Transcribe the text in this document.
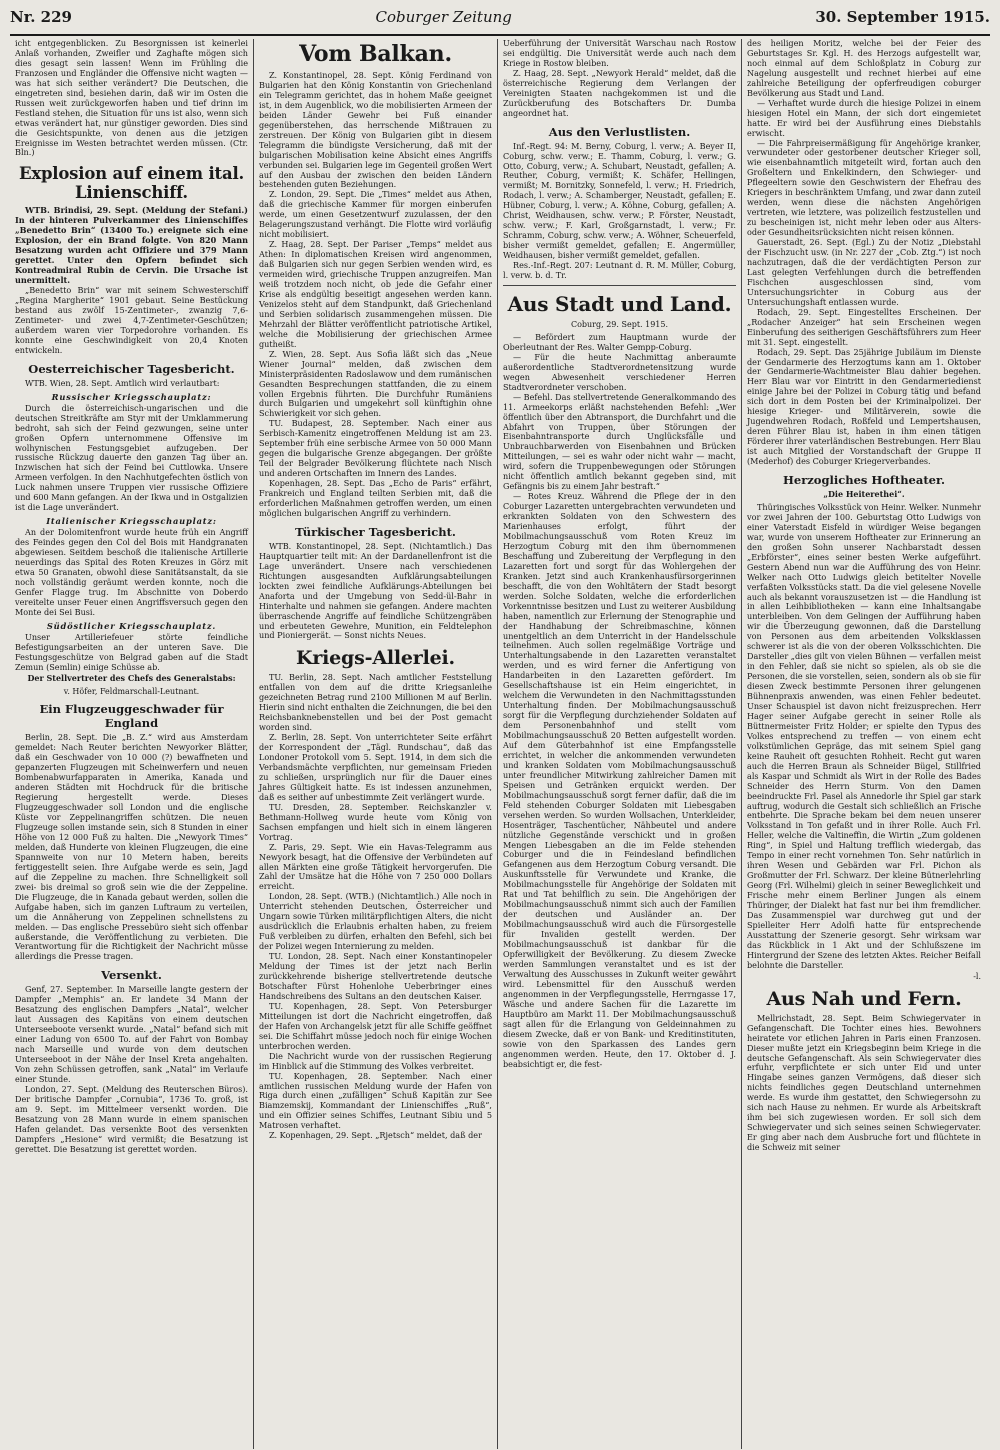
Nr. 229	Coburger Zeitung	30. September 1915.

icht entgegenblicken. Zu Besorgnissen ist keinerlei Anlaß vorhanden, Zweifler und Zaghafte mögen sich dies gesagt sein lassen! Wenn im Frühling die Franzosen und Engländer die Offensive nicht wagten — was hat sich seither verändert? Die Deutschen, die eingetreten sind, besiehen darin, daß wir im Osten die Russen weit zurückgeworfen haben und tief drinn im Festland stehen, die Situation für uns ist also, wenn sich etwas verändert hat, nur günstiger geworden. Dies sind die Gesichtspunkte, von denen aus die jetzigen Ereignisse im Westen betrachtet werden müssen. (Ctr. Bln.)

Explosion auf einem ital. Linienschiff.

WTB. Brindisi, 29. Sept. (Meldung der Stefani.) In der hinteren Pulverkammer des Linienschiffes „Benedetto Brin“ (13400 To.) ereignete sich eine Explosion, der ein Brand folgte. Von 820 Mann Besatzung wurden acht Offiziere und 379 Mann gerettet. Unter den Opfern befindet sich Kontreadmiral Rubin de Cervin. Die Ursache ist unermittelt.

„Benedetto Brin“ war mit seinem Schwesterschiff „Regina Margherite“ 1901 gebaut. Seine Bestückung bestand aus zwölf 15-Zentimeter-, zwanzig 7,6-Zentimeter- und zwei 4,7-Zentimeter-Geschützen; außerdem waren vier Torpedorohre vorhanden. Es konnte eine Geschwindigkeit von 20,4 Knoten entwickeln.

Oesterreichischer Tagesbericht.

WTB. Wien, 28. Sept. Amtlich wird verlautbart:

Russischer Kriegsschauplatz:

Durch die österreichisch-ungarischen und die deutschen Streitkräfte am Styr mit der Umklammerung bedroht, sah sich der Feind gezwungen, seine unter großen Opfern unternommene Offensive im wolhynischen Festungsgebiet aufzugeben. Der russische Rückzug dauerte den ganzen Tag über an. Inzwischen hat sich der Feind bei Cuttlowka. Unsere Armeen verfolgen. In den Nachhutgefechten östlich von Luck nahmen unsere Truppen vier russische Offiziere und 600 Mann gefangen. An der Ikwa und in Ostgalizien ist die Lage unverändert.

Italienischer Kriegsschauplatz:

An der Dolomitenfront wurde heute früh ein Angriff des Feindes gegen den Col del Bois mit Handgranaten abgewiesen. Seitdem beschoß die italienische Artillerie neuerdings das Spital des Roten Kreuzes in Görz mit etwa 50 Granaten, obwohl diese Sanitätsanstalt, da sie noch vollständig geräumt werden konnte, noch die Genfer Flagge trug. Im Abschnitte von Doberdo vereitelte unser Feuer einen Angriffsversuch gegen den Monte dei Sei Busi.

Südöstlicher Kriegsschauplatz.

Unser Artilleriefeuer störte feindliche Befestigungsarbeiten an der unteren Save. Die Festungsgeschütze von Belgrad gaben auf die Stadt Zemun (Semlin) einige Schüsse ab.

Der Stellvertreter des Chefs des Generalstabs:
v. Höfer, Feldmarschall-Leutnant.
Ein Flugzeuggeschwader für England

Berlin, 28. Sept. Die „B. Z.“ wird aus Amsterdam gemeldet: Nach Reuter berichten Newyorker Blätter, daß ein Geschwader von 10 000 (?) bewaffneten und gepanzerten Flugzeugen mit Scheinwerfern und neuen Bombenabwurfapparaten in Amerika, Kanada und anderen Städten mit Hochdruck für die britische Regierung hergestellt werde. Dieses Flugzeuggeschwader soll London und die englische Küste vor Zeppelinangriffen schützen. Die neuen Flugzeuge sollen imstande sein, sich 8 Stunden in einer Höhe von 12 000 Fuß zu halten. Die „Newyork Times“ melden, daß Hunderte von kleinen Flugzeugen, die eine Spannweite von nur 10 Metern haben, bereits fertiggestellt seien. Ihre Aufgabe werde es sein, Jagd auf die Zeppeline zu machen. Ihre Schnelligkeit soll zwei- bis dreimal so groß sein wie die der Zeppeline. Die Flugzeuge, die in Kanada gebaut werden, sollen die Aufgabe haben, sich im ganzen Luftraum zu verteilen, um die Annäherung von Zeppelinen schnellstens zu melden. — Das englische Pressebüro sieht sich offenbar außerstande, die Veröffentlichung zu verbieten. Die Verantwortung für die Richtigkeit der Nachricht müsse allerdings die Presse tragen.

Versenkt.

Genf, 27. September. In Marseille langte gestern der Dampfer „Memphis“ an. Er landete 34 Mann der Besatzung des englischen Dampfers „Natal“, welcher laut Aussagen des Kapitäns von einem deutschen Unterseeboote versenkt wurde. „Natal“ befand sich mit einer Ladung von 6500 To. auf der Fahrt von Bombay nach Marseille und wurde von dem deutschen Unterseeboot in der Nähe der Insel Kreta angehalten. Von zehn Schüssen getroffen, sank „Natal“ im Verlaufe einer Stunde.

London, 27. Sept. (Meldung des Reuterschen Büros). Der britische Dampfer „Cornubia“, 1736 To. groß, ist am 9. Sept. im Mittelmeer versenkt worden. Die Besatzung von 28 Mann wurde in einem spanischen Hafen gelandet. Das versenkte Boot des versenkten Dampfers „Hesione“ wird vermißt; die Besatzung ist gerettet. Die Besatzung ist gerettet worden.

Vom Balkan.

Z. Konstantinopel, 28. Sept. König Ferdinand von Bulgarien hat den König Konstantin von Griechenland ein Telegramm gerichtet, das in hohem Maße geeignet ist, in dem Augenblick, wo die mobilisierten Armeen der beiden Länder Gewehr bei Fuß einander gegenüberstehen, das herrschende Mißtrauen zu zerstreuen. Der König von Bulgarien gibt in diesem Telegramm die bündigste Versicherung, daß mit der bulgarischen Mobilisation keine Absicht eines Angriffs verbunden sei. Bulgarien lege im Gegenteil großen Wert auf den Ausbau der zwischen den beiden Ländern bestehenden guten Beziehungen.

Z. London, 29. Sept. Die „Times“ meldet aus Athen, daß die griechische Kammer für morgen einberufen werde, um einen Gesetzentwurf zuzulassen, der den Belagerungszustand verhängt. Die Flotte wird vorläufig nicht mobilisiert.

Z. Haag, 28. Sept. Der Pariser „Temps“ meldet aus Athen: In diplomatischen Kreisen wird angenommen, daß Bulgarien sich nur gegen Serbien wenden wird, es vermeiden wird, griechische Truppen anzugreifen. Man weiß trotzdem noch nicht, ob jede die Gefahr einer Krise als endgültig beseitigt angesehen werden kann. Venizelos steht auf dem Standpunkt, daß Griechenland und Serbien solidarisch zusammengehen müssen. Die Mehrzahl der Blätter veröffentlicht patriotische Artikel, welche die Mobilisierung der griechischen Armee gutheißt.

Z. Wien, 28. Sept. Aus Sofia läßt sich das „Neue Wiener Journal“ melden, daß zwischen dem Ministerpräsidenten Radoslawow und dem rumänischen Gesandten Besprechungen stattfanden, die zu einem vollen Ergebnis führten. Die Durchfuhr Rumäniens durch Bulgarien und umgekehrt soll künftighin ohne Schwierigkeit vor sich gehen.

TU. Budapest, 28. September. Nach einer aus Serbisch-Kamenitz eingetroffenen Meldung ist am 23. September früh eine serbische Armee von 50 000 Mann gegen die bulgarische Grenze abgegangen. Der größte Teil der Belgrader Bevölkerung flüchtete nach Nisch und anderen Ortschaften im Innern des Landes.

Kopenhagen, 28. Sept. Das „Echo de Paris“ erfährt, Frankreich und England teilten Serbien mit, daß die erforderlichen Maßnahmen getroffen werden, um einen möglichen bulgarischen Angriff zu verhindern.

Türkischer Tagesbericht.

WTB. Konstantinopel, 28. Sept. (Nichtamtlich.) Das Hauptquartier teilt mit: An der Dardanellenfront ist die Lage unverändert. Unsere nach verschiedenen Richtungen ausgesandten Aufklärungsabteilungen lockten zwei feindliche Aufklärungs-Abteilungen bei Anaforta und der Umgebung von Sedd-ül-Bahr in Hinterhalte und nahmen sie gefangen. Andere machten überraschende Angriffe auf feindliche Schützengräben und erbeuteten Gewehre, Munition, ein Feldtelephon und Pioniergerät. — Sonst nichts Neues.

Kriegs-Allerlei.

TU. Berlin, 28. Sept. Nach amtlicher Feststellung entfallen von dem auf die dritte Kriegsanleihe gezeichneten Betrag rund 2100 Millionen M auf Berlin. Hierin sind nicht enthalten die Zeichnungen, die bei den Reichsbanknebenstellen und bei der Post gemacht worden sind.

Z. Berlin, 28. Sept. Von unterrichteter Seite erfährt der Korrespondent der „Tägl. Rundschau“, daß das Londoner Protokoll vom 5. Sept. 1914, in dem sich die Verbandsmächte verpflichten, nur gemeinsam Frieden zu schließen, ursprünglich nur für die Dauer eines Jahres Gültigkeit hatte. Es ist indessen anzunehmen, daß es seither auf unbestimmte Zeit verlängert wurde.

TU. Dresden, 28. September. Reichskanzler v. Bethmann-Hollweg wurde heute vom König von Sachsen empfangen und hielt sich in einem längeren Vortrag.

Z. Paris, 29. Sept. Wie ein Havas-Telegramm aus Newyork besagt, hat die Offensive der Verbündeten auf allen Märkten eine große Tätigkeit hervorgerufen. Die Zahl der Umsätze hat die Höhe von 7 250 000 Dollars erreicht.

London, 28. Sept. (WTB.) (Nichtamtlich.) Alle noch in Unterricht stehenden Deutschen, Österreicher und Ungarn sowie Türken militärpflichtigen Alters, die nicht ausdrücklich die Erlaubnis erhalten haben, zu freiem Fuß verbleiben zu dürfen, erhalten den Befehl, sich bei der Polizei wegen Internierung zu melden.

TU. London, 28. Sept. Nach einer Konstantinopeler Meldung der Times ist der jetzt nach Berlin zurückkehrende bisherige stellvertretende deutsche Botschafter Fürst Hohenlohe Ueberbringer eines Handschreibens des Sultans an den deutschen Kaiser.

TU. Kopenhagen, 28. Sept. Von Petersburger Mitteilungen ist dort die Nachricht eingetroffen, daß der Hafen von Archangelsk jetzt für alle Schiffe geöffnet sei. Die Schiffahrt müsse jedoch noch für einige Wochen unterbrochen werden.

Die Nachricht wurde von der russischen Regierung im Hinblick auf die Stimmung des Volkes verbreitet.

TU. Kopenhagen, 28. September. Nach einer amtlichen russischen Meldung wurde der Hafen von Riga durch einen „zufälligen“ Schuß Kapitän zur See Biamzemskij, Kommandant der Linienschiffes „Ruß“, und ein Offizier seines Schiffes, Leutnant Sibiu und 5 Matrosen verhaftet.

Z. Kopenhagen, 29. Sept. „Rjetsch“ meldet, daß der

Ueberführung der Universität Warschau nach Rostow sei endgültig. Die Universität werde auch nach dem Kriege in Rostow bleiben.

Z. Haag, 28. Sept. „Newyork Herald“ meldet, daß die österreichische Regierung dem Verlangen der Vereinigten Staaten nachgekommen ist und die Zurückberufung des Botschafters Dr. Dumba angeordnet hat.

Aus den Verlustlisten.

Inf.-Regt. 94: M. Berny, Coburg, l. verw.; A. Beyer II, Coburg, schw. verw.; E. Thamm, Coburg, l. verw.; G. Otto, Coburg, verw.; A. Schubart, Neustadt, gefallen; A. Reuther, Coburg, vermißt; K. Schäfer, Hellingen, vermißt; M. Bornitzky, Sonnefeld, l. verw.; H. Friedrich, Rodach, l. verw.; A. Schamberger, Neustadt, gefallen; E. Hübner, Coburg, l. verw.; A. Köhne, Coburg, gefallen; A. Christ, Weidhausen, schw. verw.; P. Förster, Neustadt, schw. verw.; F. Karl, Großgarnstadt, l. verw.; Fr. Schramm, Coburg, schw. verw.; A. Wöhner, Scheuerfeld, bisher vermißt gemeldet, gefallen; E. Angermüller, Weidhausen, bisher vermißt gemeldet, gefallen.

Res.-Inf.-Regt. 207: Leutnant d. R. M. Müller, Coburg, l. verw. b. d. Tr.

Aus Stadt und Land.
Coburg, 29. Sept. 1915.

— Befördert zum Hauptmann wurde der Oberleutnant der Res. Walter Gempp-Coburg.

— Für die heute Nachmittag anberaumte außerordentliche Stadtverordnetensitzung wurde wegen Abwesenheit verschiedener Herren Stadtverordneter verschoben.

— Befehl. Das stellvertretende Generalkommando des 11. Armeekorps erläßt nachstehenden Befehl: „Wer öffentlich über den Abtransport, die Durchfahrt und die Abfahrt von Truppen, über Störungen der Eisenbahntransporte durch Unglücksfälle und Unbrauchbarwerden von Eisenbahnen und Brücken Mitteilungen, — sei es wahr oder nicht wahr — macht, wird, sofern die Truppenbewegungen oder Störungen nicht öffentlich amtlich bekannt gegeben sind, mit Gefängnis bis zu einem Jahr bestraft.“

— Rotes Kreuz. Während die Pflege der in den Coburger Lazaretten untergebrachten verwundeten und erkrankten Soldaten von den Schwestern des Marienhauses erfolgt, führt der Mobilmachungsausschuß vom Roten Kreuz im Herzogtum Coburg mit den ihm übernommenen Beschaffung und Zubereitung der Verpflegung in den Lazaretten fort und sorgt für das Wohlergehen der Kranken. Jetzt sind auch Krankenhausfürsorgerinnen beschafft, die von den Wohltätern der Stadt besorgt werden. Solche Soldaten, welche die erforderlichen Vorkenntnisse besitzen und Lust zu weiterer Ausbildung haben, namentlich zur Erlernung der Stenographie und der Handhabung der Schreibmaschine, können unentgeltlich an dem Unterricht in der Handelsschule teilnehmen. Auch sollen regelmäßige Vorträge und Unterhaltungsabende in den Lazaretten veranstaltet werden, und es wird ferner die Anfertigung von Handarbeiten in den Lazaretten gefördert. Im Gesellschaftshause ist ein Heim eingerichtet, in welchem die Verwundeten in den Nachmittagsstunden Unterhaltung finden. Der Mobilmachungsausschuß sorgt für die Verpflegung durchziehender Soldaten auf dem Personenbahnhof und stellt vom Mobilmachungsausschuß 20 Betten aufgestellt worden. Auf dem Güterbahnhof ist eine Empfangsstelle errichtet, in welcher die ankommenden verwundeten und kranken Soldaten vom Mobilmachungsausschuß unter freundlicher Mitwirkung zahlreicher Damen mit Speisen und Getränken erquickt werden. Der Mobilmachungsausschuß sorgt ferner dafür, daß die im Feld stehenden Coburger Soldaten mit Liebesgaben versehen werden. So wurden Wollsachen, Unterkleider, Hosenträger, Taschentücher, Nähbeutel und andere nützliche Gegenstände verschickt und in großen Mengen Liebesgaben an die im Felde stehenden Coburger und die in Feindesland befindlichen Gefangenen aus dem Herzogtum Coburg versandt. Die Auskunftsstelle für Verwundete und Kranke, die Mobilmachungsstelle für Angehörige der Soldaten mit Rat und Tat behilflich zu sein. Die Angehörigen der Mobilmachungsausschuß nimmt sich auch der Familien der deutschen und Ausländer an. Der Mobilmachungsausschuß wird auch die Fürsorgestelle für Invaliden gestellt werden. Der Mobilmachungsausschuß ist dankbar für die Opferwilligkeit der Bevölkerung. Zu diesem Zwecke werden Sammlungen veranstaltet und es ist der Verwaltung des Ausschusses in Zukunft weiter gewährt wird. Lebensmittel für den Ausschuß werden angenommen in der Verpflegungsstelle, Herrngasse 17, Wäsche und andere Sachen für die Lazarette im Hauptbüro am Markt 11. Der Mobilmachungsausschuß sagt allen für die Erlangung von Geldeinnahmen zu diesem Zwecke, daß er von Bank- und Kreditinstituten, sowie von den Sparkassen des Landes gern angenommen werden. Heute, den 17. Oktober d. J. beabsichtigt er, die fest-

des heiligen Moritz, welche bei der Feier des Geburtstages Sr. Kgl. H. des Herzogs aufgestellt war, noch einmal auf dem Schloßplatz in Coburg zur Nagelung ausgestellt und rechnet hierbei auf eine zahlreiche Beteiligung der opferfreudigen coburger Bevölkerung aus Stadt und Land.

— Verhaftet wurde durch die hiesige Polizei in einem hiesigen Hotel ein Mann, der sich dort eingemietet hatte. Er wird bei der Ausführung eines Diebstahls erwischt.

— Die Fahrpreisermäßigung für Angehörige kranker, verwundeter oder gestorbener deutscher Krieger soll, wie eisenbahnamtlich mitgeteilt wird, fortan auch den Großeltern und Enkelkindern, den Schwieger- und Pflegeeltern sowie den Geschwistern der Ehefrau des Kriegers in beschränktem Umfang, und zwar dann zuteil werden, wenn diese die nächsten Angehörigen vertreten, wie letztere, was polizeilich festzustellen und zu bescheinigen ist, nicht mehr leben oder aus Alters- oder Gesundheitsrücksichten nicht reisen können.

Gauerstadt, 26. Sept. (Egl.) Zu der Notiz „Diebstahl der Fischzucht usw. (in Nr. 227 der „Cob. Ztg.“) ist noch nachzutragen, daß die der verdächtigten Person zur Last gelegten Verfehlungen durch die betreffenden Fischchen ausgeschlossen sind, vom Untersuchungsrichter in Coburg aus der Untersuchungshaft entlassen wurde.

Rodach, 29. Sept. Eingestelltes Erscheinen. Der „Rodacher Anzeiger“ hat sein Erscheinen wegen Einberufung des seitherigen Geschäftsführers zum Heer mit 31. Sept. eingestellt.

Rodach, 29. Sept. Das 25jährige Jubiläum im Dienste der Gendarmerie des Herzogtums kann am 1. Oktober der Gendarmerie-Wachtmeister Blau dahier begehen. Herr Blau war vor Eintritt in den Gendarmeriedienst einige Jahre bei der Polizei in Coburg tätig und befand sich dort in dem Posten bei der Kriminalpolizei. Der hiesige Krieger- und Militärverein, sowie die Jugendwehren Rodach, Roßfeld und Lempertshausen, deren Führer Blau ist, haben in ihm einen tätigen Förderer ihrer vaterländischen Bestrebungen. Herr Blau ist auch Mitglied der Vorstandschaft der Gruppe II (Mederhof) des Coburger Kriegerverbandes.

Herzogliches Hoftheater.
„Die Heiterethei“.

Thüringisches Volksstück von Heinr. Welker. Nunmehr vor zwei Jahren der 100. Geburtstag Otto Ludwigs von einer Vaterstadt Eisfeld in würdiger Weise begangen war, wurde von unserem Hoftheater zur Erinnerung an den großen Sohn unserer Nachbarstadt dessen „Erbförster“, eines seiner besten Werke aufgeführt. Gestern Abend nun war die Aufführung des von Heinr. Welker nach Otto Ludwigs gleich betitelter Novelle verfaßten Volksstücks statt. Da die viel gelesene Novelle auch als bekannt vorauszusetzen ist — die Handlung ist in allen Leihbibliotheken — kann eine Inhaltsangabe unterbleiben. Von dem Gelingen der Aufführung haben wir die Überzeugung gewonnen, daß die Darstellung von Personen aus dem arbeitenden Volksklassen schwerer ist als die von der oberen Volksschichten. Die Darsteller „dies gilt von vielen Bühnen — verfallen meist in den Fehler, daß sie nicht so spielen, als ob sie die Personen, die sie vorstellen, seien, sondern als ob sie für diesen Zweck bestimmte Personen ihrer gelungenen Bühnenpraxis anwenden, was einen Fehler bedeutet. Unser Schauspiel ist davon nicht freizusprechen. Herr Hager seiner Aufgabe gerecht in seiner Rolle als Büttnermeister Fritz Holder; er spielte den Typus des Volkes entsprechend zu treffen — von einem echt volkstümlichen Gepräge, das mit seinem Spiel gang keine Rauheit oft gesuchten Rohheit. Recht gut waren auch die Herren Braun als Schneider Bügel, Stillfried als Kaspar und Schmidt als Wirt in der Rolle des Bades Schneider des Herrn Sturm. Von den Damen beeindruckte Frl. Pasel als Annedorle ihr Spiel gar stark auftrug, wodurch die Gestalt sich schließlich an Frische entbehrte. Die Sprache bekam bei dem neuen unserer Volksstand in Ton gefaßt und in ihrer Rolle. Auch Frl. Heller, welche die Valtineffin, die Wirtin „Zum goldenen Ring“, in Spiel und Haltung trefflich wiedergab, das Tempo in einer recht vornehmen Ton. Sehr natürlich in ihren Wesen und Gebärden war Frl. Pichon als Großmutter der Frl. Schwarz. Der kleine Bütnerlehrling Georg (Frl. Wilhelmi) gleich in seiner Beweglichkeit und Frische mehr einem Berliner Jungen als einem Thüringer, der Dialekt hat fast nur bei ihm fremdlicher. Das Zusammenspiel war durchweg gut und der Spielleiter Herr Adolfi hatte für entsprechende Ausstattung der Szenerie gesorgt. Sehr wirksam war das Rückblick in 1 Akt und der Schlußszene im Hintergrund der Szene des letzten Aktes. Reicher Beifall belohnte die Darsteller.

-l.
Aus Nah und Fern.

Mellrichstadt, 28. Sept. Beim Schwiegervater in Gefangenschaft. Die Tochter eines hies. Bewohners heiratete vor etlichen Jahren in Paris einen Franzosen. Dieser mußte jetzt ein Kriegsbeginn beim Kriege in die deutsche Gefangenschaft. Als sein Schwiegervater dies erfuhr, verpflichtete er sich unter Eid und unter Hingabe seines ganzen Vermögens, daß dieser sich nichts feindliches gegen Deutschland unternehmen werde. Es wurde ihm gestattet, den Schwiegersohn zu sich nach Hause zu nehmen. Er wurde als Arbeitskraft ihm bei sich zugewiesen worden. Er soll sich dem Schwiegervater und sich seines seinen Schwiegervater. Er ging aber nach dem Ausbruche fort und flüchtete in die Schweiz mit seiner
